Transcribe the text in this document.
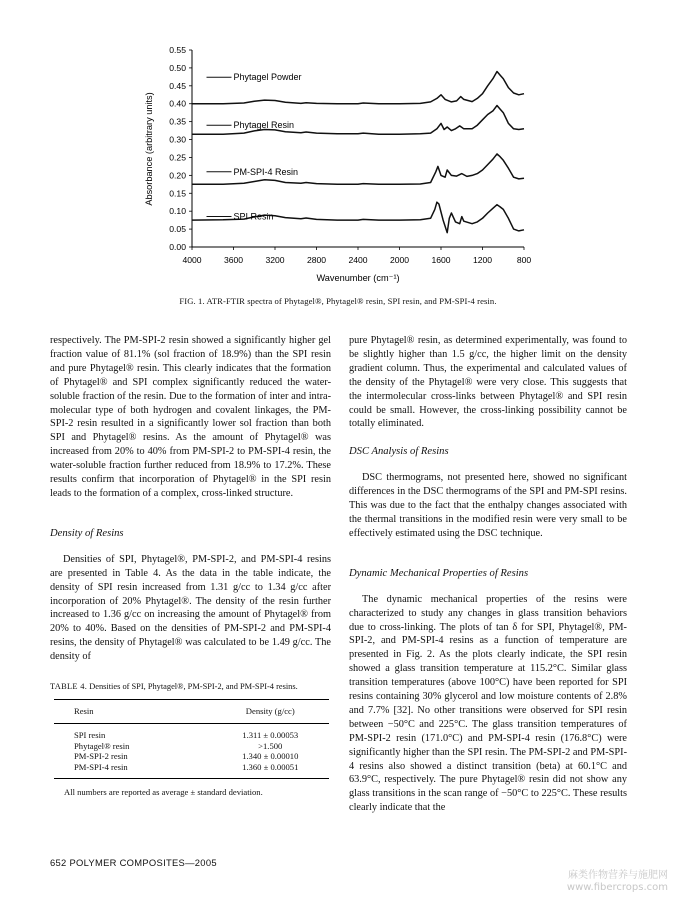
0.00
0.05
0.10
0.15
0.20
0.25
0.30
0.35
0.40
0.45
0.50
0.55
4000	3600	3200	2800	2400	2000	1600	1200	800
Phytagel Powder
Phytagel Resin
PM-SPI-4 Resin
SPI Resin
Absorbance (arbitrary units)
Wavenumber (cm⁻¹)
FIG. 1. ATR-FTIR spectra of Phytagel®, Phytagel® resin, SPI resin, and PM-SPI-4 resin.

respectively. The PM-SPI-2 resin showed a significantly higher gel fraction value of 81.1% (sol fraction of 18.9%) than the SPI resin and pure Phytagel® resin. This clearly indicates that the formation of Phytagel® and SPI complex significantly reduced the water-soluble fraction of the resin. Due to the formation of inter and intra-molecular type of both hydrogen and covalent linkages, the PM-SPI-2 resin resulted in a significantly lower sol fraction than both SPI and Phytagel® resins. As the amount of Phytagel® was increased from 20% to 40% from PM-SPI-2 to PM-SPI-4 resin, the water-soluble fraction further reduced from 18.9% to 17.2%. These results confirm that incorporation of Phytagel® in the SPI resin leads to the formation of a complex, cross-linked structure.

Density of Resins

Densities of SPI, Phytagel®, PM-SPI-2, and PM-SPI-4 resins are presented in Table 4. As the data in the table indicate, the density of SPI resin increased from 1.31 g/cc to 1.34 g/cc after incorporation of 20% Phytagel®. The density of the resin further increased to 1.36 g/cc on increasing the amount of Phytagel® from 20% to 40%. Based on the densities of PM-SPI-2 and PM-SPI-4 resins, the density of Phytagel® was calculated to be 1.49 g/cc. The density of

TABLE 4. Densities of SPI, Phytagel®, PM-SPI-2, and PM-SPI-4 resins.
Resin	Density (g/cc)
SPI resin	1.311 ± 0.00053
Phytagel® resin	>1.500
PM-SPI-2 resin	1.340 ± 0.00010
PM-SPI-4 resin	1.360 ± 0.00051
All numbers are reported as average ± standard deviation.

pure Phytagel® resin, as determined experimentally, was found to be slightly higher than 1.5 g/cc, the higher limit on the density gradient column. Thus, the experimental and calculated values of the density of the Phytagel® were very close. This suggests that the intermolecular cross-links between Phytagel® and SPI resin could be small. However, the cross-linking possibility cannot be totally eliminated.

DSC Analysis of Resins

DSC thermograms, not presented here, showed no significant differences in the DSC thermograms of the SPI and PM-SPI resins. This was due to the fact that the enthalpy changes associated with the thermal transitions in the modified resin were very small to be effectively estimated using the DSC technique.

Dynamic Mechanical Properties of Resins

The dynamic mechanical properties of the resins were characterized to study any changes in glass transition behaviors due to cross-linking. The plots of tan δ for SPI, Phytagel®, PM-SPI-2, and PM-SPI-4 resins as a function of temperature are presented in Fig. 2. As the plots clearly indicate, the SPI resin showed a glass transition temperature at 115.2°C. Similar glass transition temperatures (above 100°C) have been reported for SPI resins containing 30% glycerol and low moisture contents of 2.8% and 7.7% [32]. No other transitions were observed for SPI resin between −50°C and 225°C. The glass transition temperatures of PM-SPI-2 resin (171.0°C) and PM-SPI-4 resin (176.8°C) were significantly higher than the SPI resin. The PM-SPI-2 and PM-SPI-4 resins also showed a distinct transition (beta) at 60.1°C and 63.9°C, respectively. The pure Phytagel® resin did not show any glass transitions in the scan range of −50°C to 225°C. These results clearly indicate that the

652 POLYMER COMPOSITES—2005
麻类作物营养与施肥网
www.fibercrops.com
